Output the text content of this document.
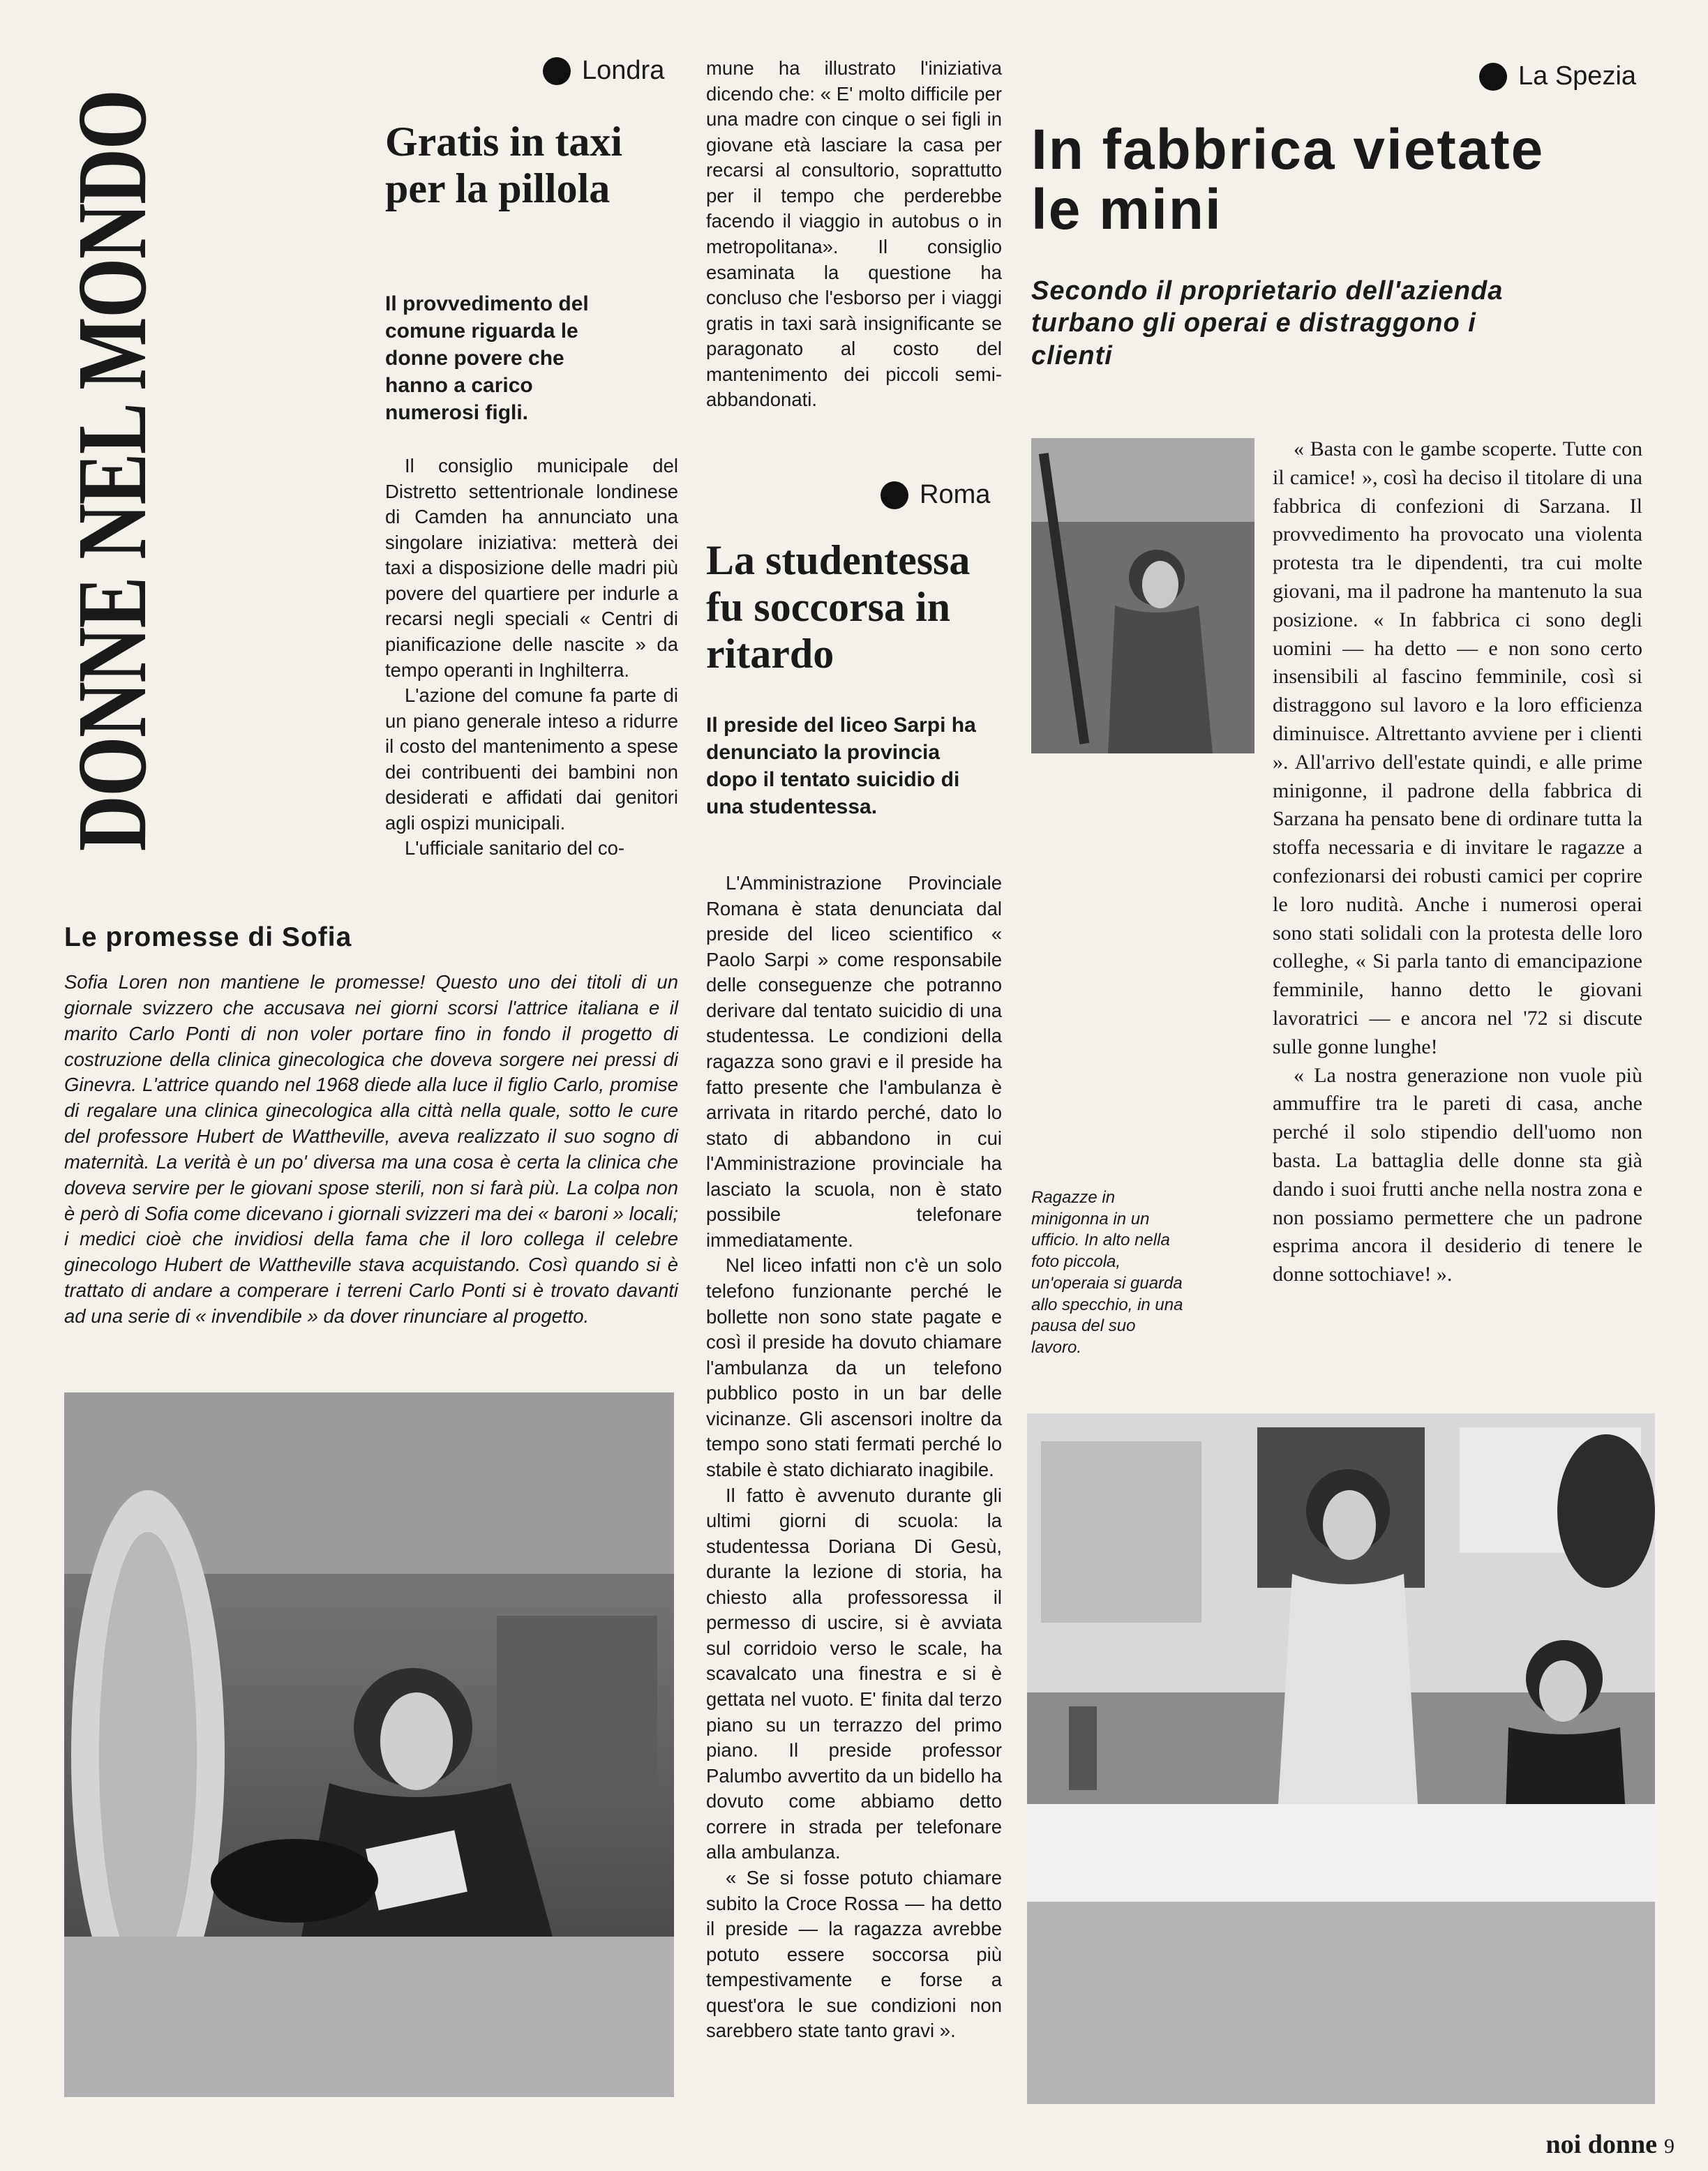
DONNE NEL MONDO
Londra
Gratis in taxi per la pillola

Il provvedimento del comune riguarda le donne povere che hanno a carico numerosi figli.

Il consiglio municipale del Distretto settentrionale londinese di Camden ha annunciato una singolare iniziativa: metterà dei taxi a disposizione delle madri più povere del quartiere per indurle a recarsi negli speciali « Centri di pianificazione delle nascite » da tempo operanti in Inghilterra.

L'azione del comune fa parte di un piano generale inteso a ridurre il costo del mantenimento a spese dei contribuenti dei bambini non desiderati e affidati dai genitori agli ospizi municipali.

L'ufficiale sanitario del co-

mune ha illustrato l'iniziativa dicendo che: « E' molto difficile per una madre con cinque o sei figli in giovane età lasciare la casa per recarsi al consultorio, soprattutto per il tempo che perderebbe facendo il viaggio in autobus o in metropolitana». Il consiglio esaminata la questione ha concluso che l'esborso per i viaggi gratis in taxi sarà insignificante se paragonato al costo del mantenimento dei piccoli semi-abbandonati.

Le promesse di Sofia

Sofia Loren non mantiene le promesse! Questo uno dei titoli di un giornale svizzero che accusava nei giorni scorsi l'attrice italiana e il marito Carlo Ponti di non voler portare fino in fondo il progetto di costruzione della clinica ginecologica che doveva sorgere nei pressi di Ginevra. L'attrice quando nel 1968 diede alla luce il figlio Carlo, promise di regalare una clinica ginecologica alla città nella quale, sotto le cure del professore Hubert de Wattheville, aveva realizzato il suo sogno di maternità. La verità è un po' diversa ma una cosa è certa la clinica che doveva servire per le giovani spose sterili, non si farà più. La colpa non è però di Sofia come dicevano i giornali svizzeri ma dei « baroni » locali; i medici cioè che invidiosi della fama che il loro collega il celebre ginecologo Hubert de Wattheville stava acquistando. Così quando si è trattato di andare a comperare i terreni Carlo Ponti si è trovato davanti ad una serie di « invendibile » da dover rinunciare al progetto.

Roma
La studentessa fu soccorsa in ritardo

Il preside del liceo Sarpi ha denunciato la provincia dopo il tentato suicidio di una studentessa.

L'Amministrazione Provinciale Romana è stata denunciata dal preside del liceo scientifico « Paolo Sarpi » come responsabile delle conseguenze che potranno derivare dal tentato suicidio di una studentessa. Le condizioni della ragazza sono gravi e il preside ha fatto presente che l'ambulanza è arrivata in ritardo perché, dato lo stato di abbandono in cui l'Amministrazione provinciale ha lasciato la scuola, non è stato possibile telefonare immediatamente.

Nel liceo infatti non c'è un solo telefono funzionante perché le bollette non sono state pagate e così il preside ha dovuto chiamare l'ambulanza da un telefono pubblico posto in un bar delle vicinanze. Gli ascensori inoltre da tempo sono stati fermati perché lo stabile è stato dichiarato inagibile.

Il fatto è avvenuto durante gli ultimi giorni di scuola: la studentessa Doriana Di Gesù, durante la lezione di storia, ha chiesto alla professoressa il permesso di uscire, si è avviata sul corridoio verso le scale, ha scavalcato una finestra e si è gettata nel vuoto. E' finita dal terzo piano su un terrazzo del primo piano. Il preside professor Palumbo avvertito da un bidello ha dovuto come abbiamo detto correre in strada per telefonare alla ambulanza.

« Se si fosse potuto chiamare subito la Croce Rossa — ha detto il preside — la ragazza avrebbe potuto essere soccorsa più tempestivamente e forse a quest'ora le sue condizioni non sarebbero state tanto gravi ».

La Spezia
In fabbrica vietate le mini

Secondo il proprietario dell'azienda turbano gli operai e distraggono i clienti

« Basta con le gambe scoperte. Tutte con il camice! », così ha deciso il titolare di una fabbrica di confezioni di Sarzana. Il provvedimento ha provocato una violenta protesta tra le dipendenti, tra cui molte giovani, ma il padrone ha mantenuto la sua posizione. « In fabbrica ci sono degli uomini — ha detto — e non sono certo insensibili al fascino femminile, così si distraggono sul lavoro e la loro efficienza diminuisce. Altrettanto avviene per i clienti ». All'arrivo dell'estate quindi, e alle prime minigonne, il padrone della fabbrica di Sarzana ha pensato bene di ordinare tutta la stoffa necessaria e di invitare le ragazze a confezionarsi dei robusti camici per coprire le loro nudità. Anche i numerosi operai sono stati solidali con la protesta delle loro colleghe, « Si parla tanto di emancipazione femminile, hanno detto le giovani lavoratrici — e ancora nel '72 si discute sulle gonne lunghe!

« La nostra generazione non vuole più ammuffire tra le pareti di casa, anche perché il solo stipendio dell'uomo non basta. La battaglia delle donne sta già dando i suoi frutti anche nella nostra zona e non possiamo permettere che un padrone esprima ancora il desiderio di tenere le donne sottochiave! ».

Ragazze in minigonna in un ufficio. In alto nella foto piccola, un'operaia si guarda allo specchio, in una pausa del suo lavoro.

noi donne 9
